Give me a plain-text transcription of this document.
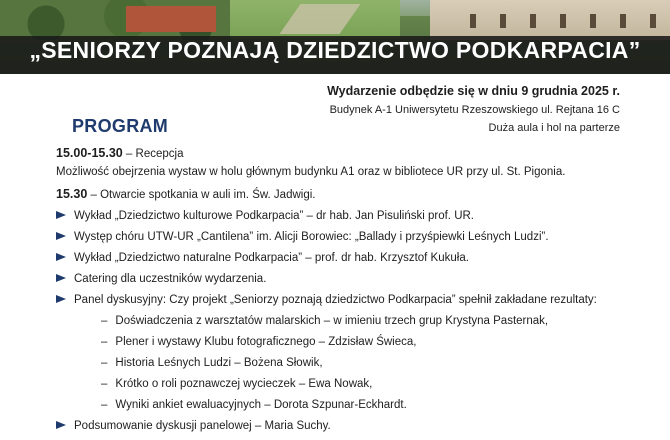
„SENIORZY POZNAJĄ DZIEDZICTWO PODKARPACIA”
Wydarzenie odbędzie się w dniu 9 grudnia 2025 r.
Budynek A-1 Uniwersytetu Rzeszowskiego ul. Rejtana 16 C
Duża aula i hol na parterze
PROGRAM
15.00-15.30 – Recepcja
Możliwość obejrzenia wystaw w holu głównym budynku A1 oraz w bibliotece UR przy ul. St. Pigonia.
15.30 – Otwarcie spotkania w auli im. Św. Jadwigi.
Wykład „Dziedzictwo kulturowe Podkarpacia” – dr hab. Jan Pisuliński prof. UR.
Występ chóru UTW-UR „Cantilena” im. Alicji Borowiec: „Ballady i przyśpiewki Leśnych Ludzi”.
Wykład „Dziedzictwo naturalne Podkarpacia” – prof. dr hab. Krzysztof Kukuła.
Catering dla uczestników wydarzenia.
Panel dyskusyjny: Czy projekt „Seniorzy poznają dziedzictwo Podkarpacia” spełnił zakładane rezultaty:
– Doświadczenia z warsztatów malarskich – w imieniu trzech grup Krystyna Pasternak,
– Plener i wystawy Klubu fotograficznego – Zdzisław Świeca,
– Historia Leśnych Ludzi – Bożena Słowik,
– Krótko o roli poznawczej wycieczek – Ewa Nowak,
– Wyniki ankiet ewaluacyjnych – Dorota Szpunar-Eckhardt.
Podsumowanie dyskusji panelowej – Maria Suchy.
